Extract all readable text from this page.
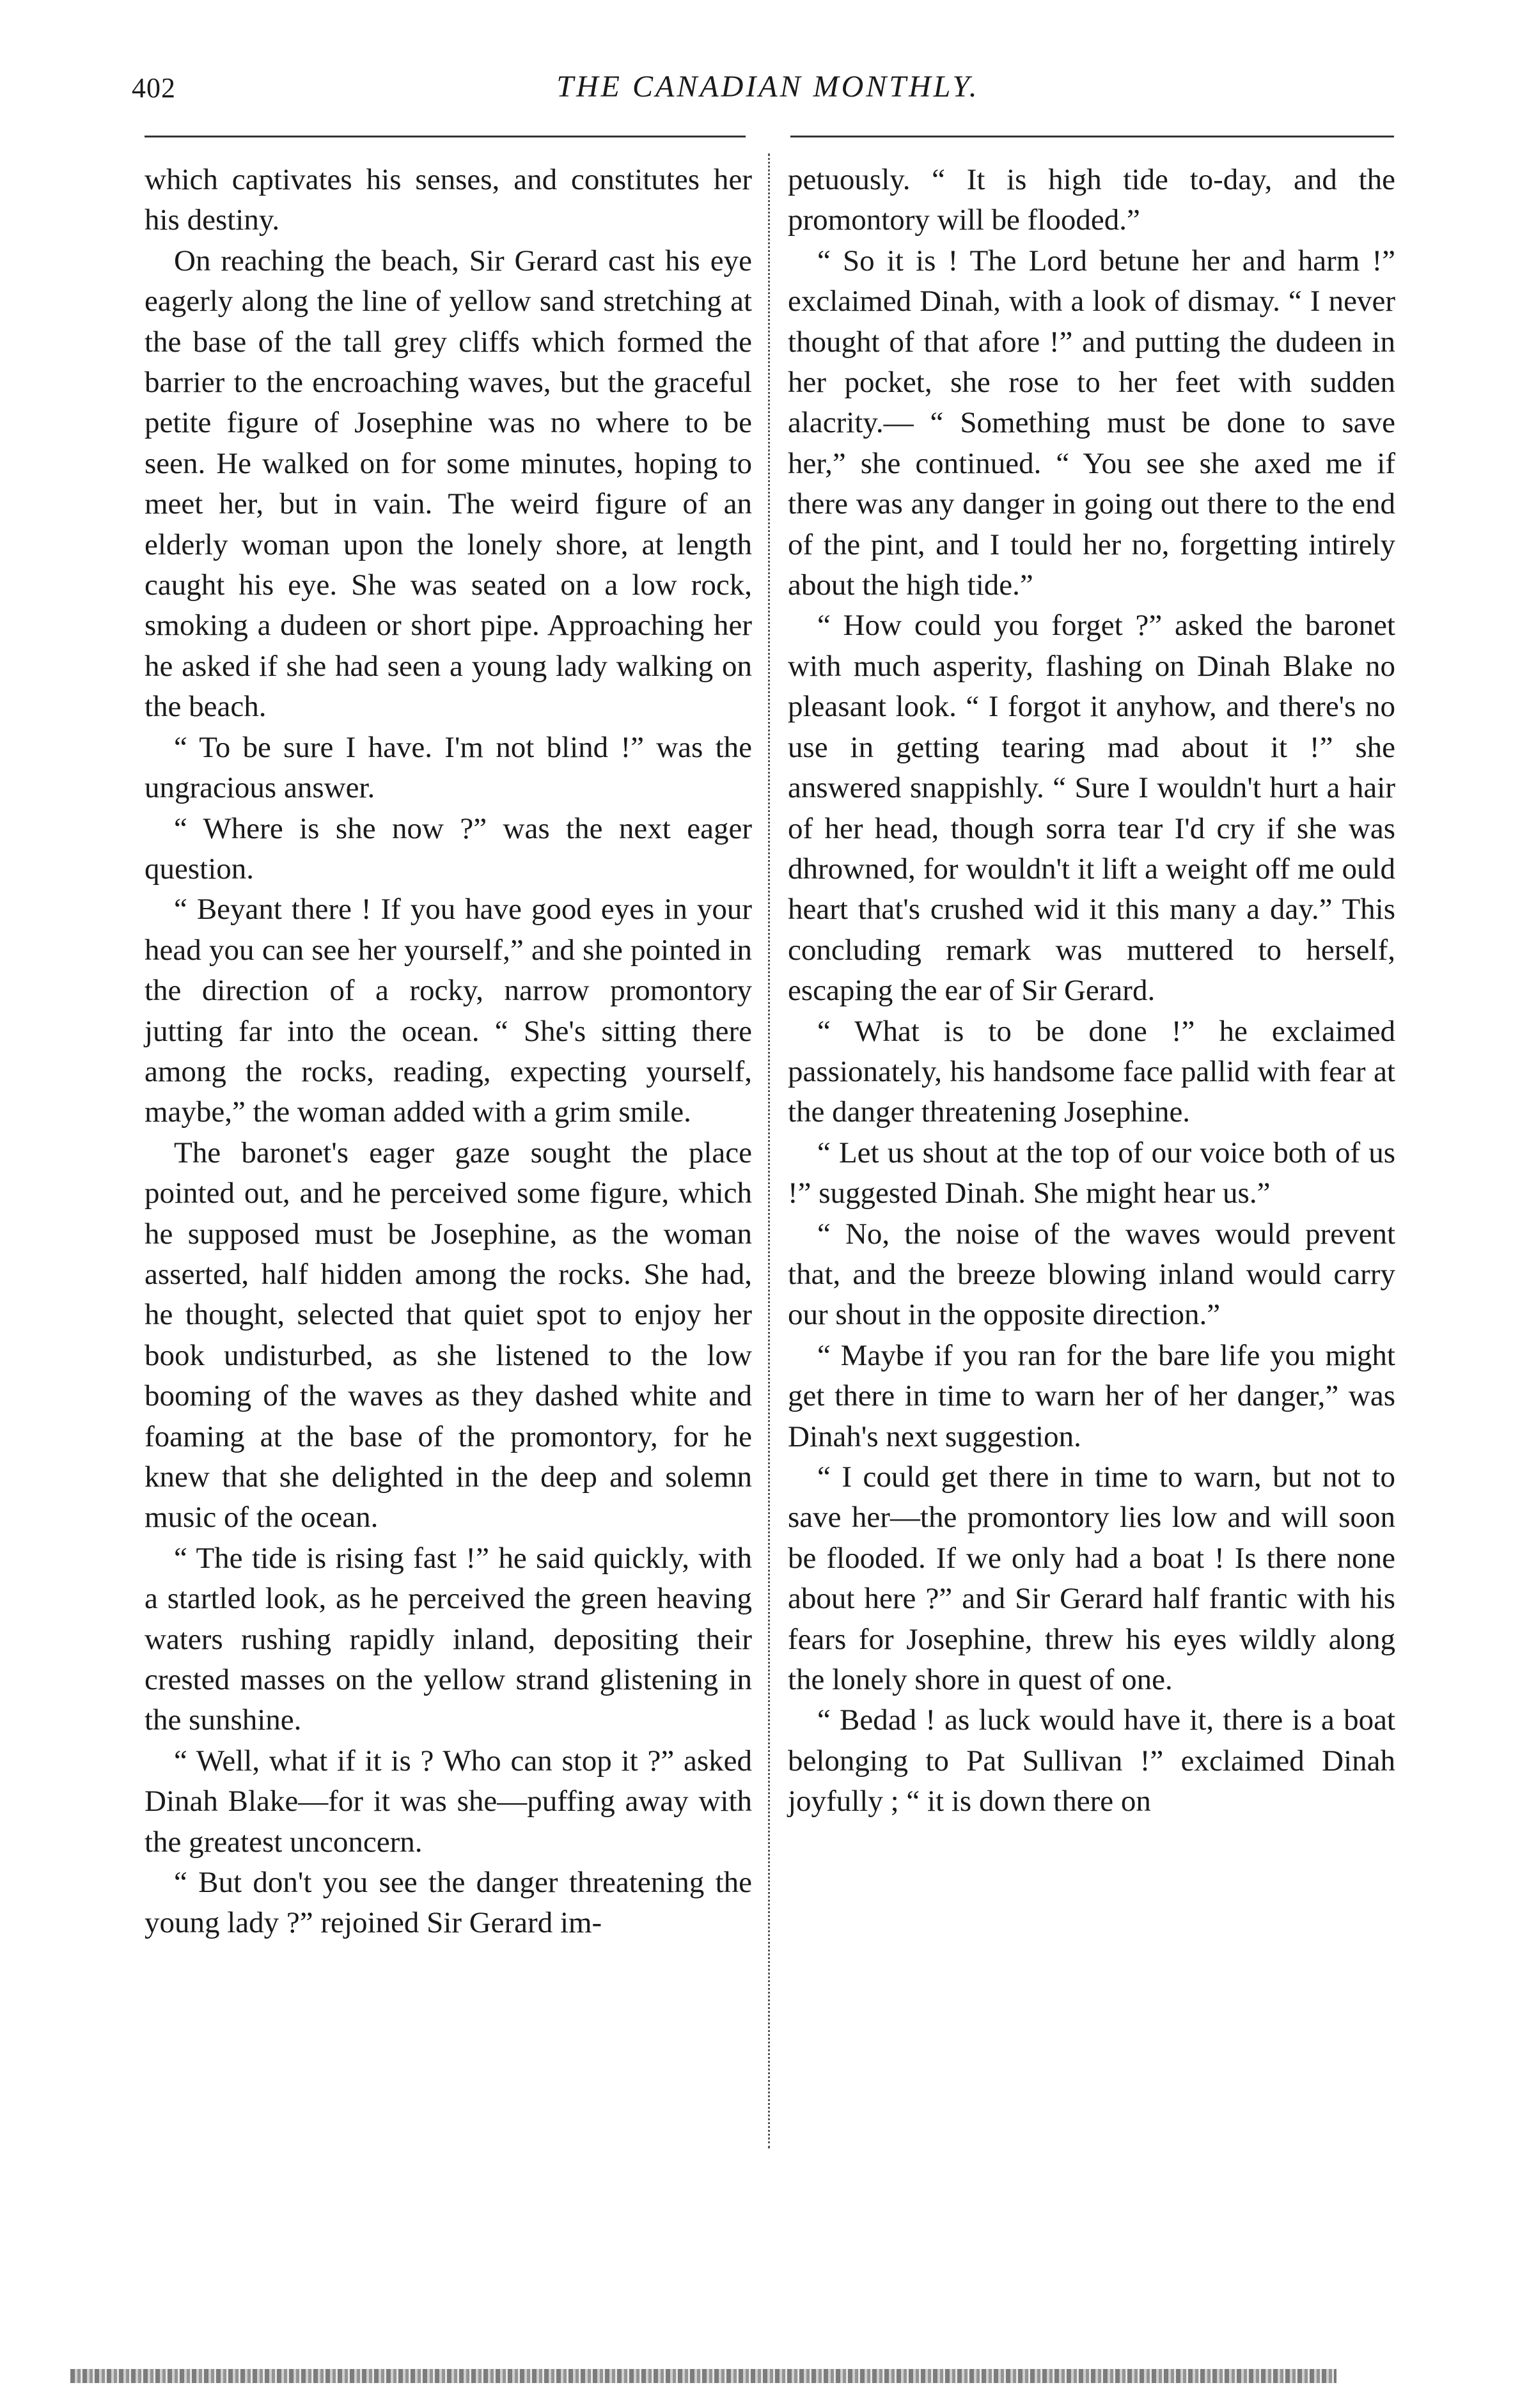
402	THE CANADIAN MONTHLY.

which captivates his senses, and constitutes her his destiny.

On reaching the beach, Sir Gerard cast his eye eagerly along the line of yellow sand stretching at the base of the tall grey cliffs which formed the barrier to the encroaching waves, but the graceful petite figure of Josephine was no where to be seen. He walked on for some minutes, hoping to meet her, but in vain. The weird figure of an elderly woman upon the lonely shore, at length caught his eye. She was seated on a low rock, smoking a dudeen or short pipe. Approaching her he asked if she had seen a young lady walking on the beach.

“ To be sure I have. I'm not blind !” was the ungracious answer.

“ Where is she now ?” was the next eager question.

“ Beyant there ! If you have good eyes in your head you can see her yourself,” and she pointed in the direction of a rocky, narrow promontory jutting far into the ocean. “ She's sitting there among the rocks, reading, expecting yourself, maybe,” the woman added with a grim smile.

The baronet's eager gaze sought the place pointed out, and he perceived some figure, which he supposed must be Josephine, as the woman asserted, half hidden among the rocks. She had, he thought, selected that quiet spot to enjoy her book undisturbed, as she listened to the low booming of the waves as they dashed white and foaming at the base of the promontory, for he knew that she delighted in the deep and solemn music of the ocean.

“ The tide is rising fast !” he said quickly, with a startled look, as he perceived the green heaving waters rushing rapidly inland, depositing their crested masses on the yellow strand glistening in the sunshine.

“ Well, what if it is ? Who can stop it ?” asked Dinah Blake—for it was she—puffing away with the greatest unconcern.

“ But don't you see the danger threatening the young lady ?” rejoined Sir Gerard im-

petuously. “ It is high tide to-day, and the promontory will be flooded.”

“ So it is ! The Lord betune her and harm !” exclaimed Dinah, with a look of dismay. “ I never thought of that afore !” and putting the dudeen in her pocket, she rose to her feet with sudden alacrity.— “ Something must be done to save her,” she continued. “ You see she axed me if there was any danger in going out there to the end of the pint, and I tould her no, forgetting intirely about the high tide.”

“ How could you forget ?” asked the baronet with much asperity, flashing on Dinah Blake no pleasant look. “ I forgot it anyhow, and there's no use in getting tearing mad about it !” she answered snappishly. “ Sure I wouldn't hurt a hair of her head, though sorra tear I'd cry if she was dhrowned, for wouldn't it lift a weight off me ould heart that's crushed wid it this many a day.” This concluding remark was muttered to herself, escaping the ear of Sir Gerard.

“ What is to be done !” he exclaimed passionately, his handsome face pallid with fear at the danger threatening Josephine.

“ Let us shout at the top of our voice both of us !” suggested Dinah. She might hear us.”

“ No, the noise of the waves would prevent that, and the breeze blowing inland would carry our shout in the opposite direction.”

“ Maybe if you ran for the bare life you might get there in time to warn her of her danger,” was Dinah's next suggestion.

“ I could get there in time to warn, but not to save her—the promontory lies low and will soon be flooded. If we only had a boat ! Is there none about here ?” and Sir Gerard half frantic with his fears for Josephine, threw his eyes wildly along the lonely shore in quest of one.

“ Bedad ! as luck would have it, there is a boat belonging to Pat Sullivan !” exclaimed Dinah joyfully ; “ it is down there on
